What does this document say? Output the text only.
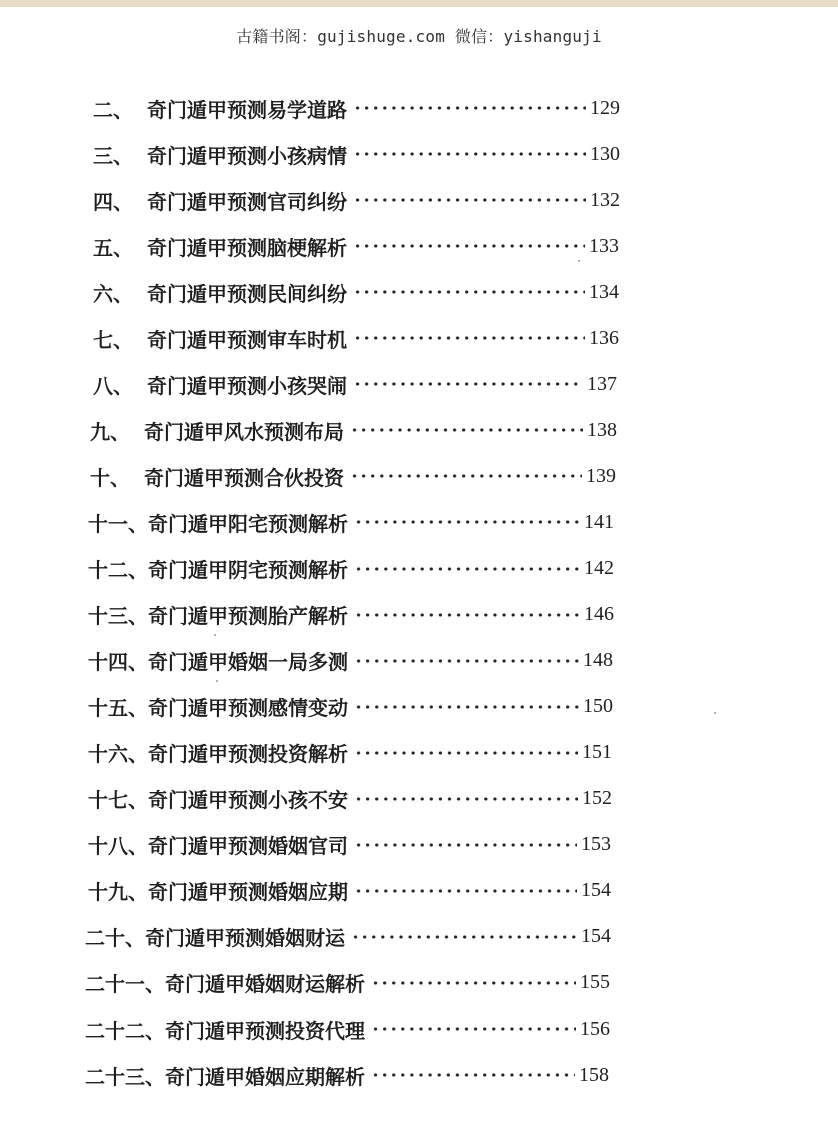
古籍书阁：gujishuge.com 微信：yishanguji
二、 奇门遁甲预测易学道路	129
三、 奇门遁甲预测小孩病情	130
四、 奇门遁甲预测官司纠纷	132
五、 奇门遁甲预测脑梗解析	133
六、 奇门遁甲预测民间纠纷	134
七、 奇门遁甲预测审车时机	136
八、 奇门遁甲预测小孩哭闹	137
九、 奇门遁甲风水预测布局	138
十、 奇门遁甲预测合伙投资	139
十一、 奇门遁甲阳宅预测解析	141
十二、 奇门遁甲阴宅预测解析	142
十三、 奇门遁甲预测胎产解析	146
十四、 奇门遁甲婚姻一局多测	148
十五、 奇门遁甲预测感情变动	150
十六、 奇门遁甲预测投资解析	151
十七、 奇门遁甲预测小孩不安	152
十八、 奇门遁甲预测婚姻官司	153
十九、 奇门遁甲预测婚姻应期	154
二十、 奇门遁甲预测婚姻财运	154
二十一、 奇门遁甲婚姻财运解析	155
二十二、 奇门遁甲预测投资代理	156
二十三、 奇门遁甲婚姻应期解析	158
